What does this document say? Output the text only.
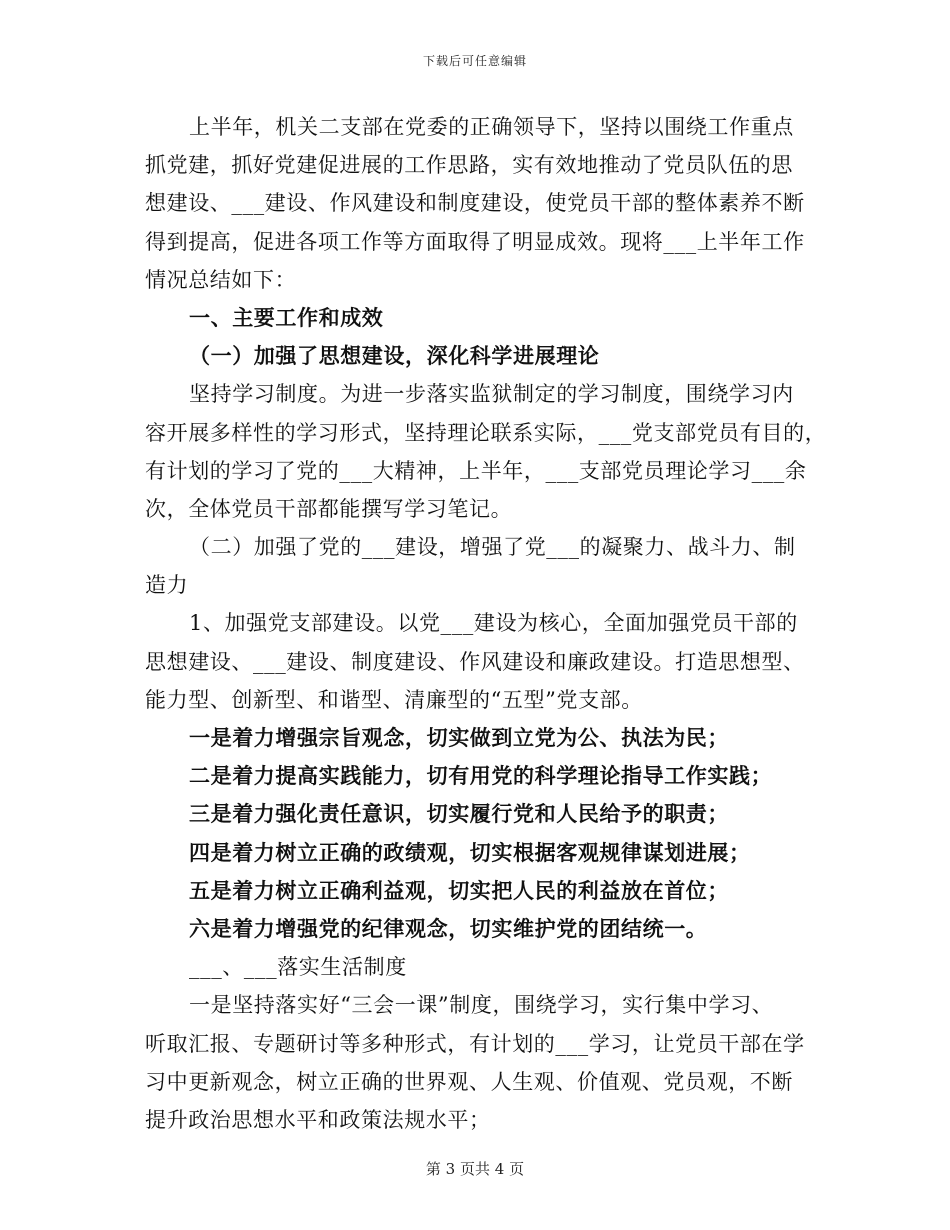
下载后可任意编辑
上半年，机关二支部在党委的正确领导下，坚持以围绕工作重点
抓党建，抓好党建促进展的工作思路，实有效地推动了党员队伍的思
想建设、___建设、作风建设和制度建设，使党员干部的整体素养不断
得到提高，促进各项工作等方面取得了明显成效。现将___上半年工作
情况总结如下：
一、主要工作和成效
（一）加强了思想建设，深化科学进展理论
坚持学习制度。为进一步落实监狱制定的学习制度，围绕学习内
容开展多样性的学习形式，坚持理论联系实际，___党支部党员有目的，
有计划的学习了党的___大精神，上半年，___支部党员理论学习___余
次，全体党员干部都能撰写学习笔记。
（二）加强了党的___建设，增强了党___的凝聚力、战斗力、制
造力
1、加强党支部建设。以党___建设为核心，全面加强党员干部的
思想建设、___建设、制度建设、作风建设和廉政建设。打造思想型、
能力型、创新型、和谐型、清廉型的“五型”党支部。
一是着力增强宗旨观念，切实做到立党为公、执法为民；
二是着力提高实践能力，切有用党的科学理论指导工作实践；
三是着力强化责任意识，切实履行党和人民给予的职责；
四是着力树立正确的政绩观，切实根据客观规律谋划进展；
五是着力树立正确利益观，切实把人民的利益放在首位；
六是着力增强党的纪律观念，切实维护党的团结统一。
___、___落实生活制度
一是坚持落实好“三会一课”制度，围绕学习，实行集中学习、
听取汇报、专题研讨等多种形式，有计划的___学习，让党员干部在学
习中更新观念，树立正确的世界观、人生观、价值观、党员观，不断
提升政治思想水平和政策法规水平；
第 3 页共 4 页
